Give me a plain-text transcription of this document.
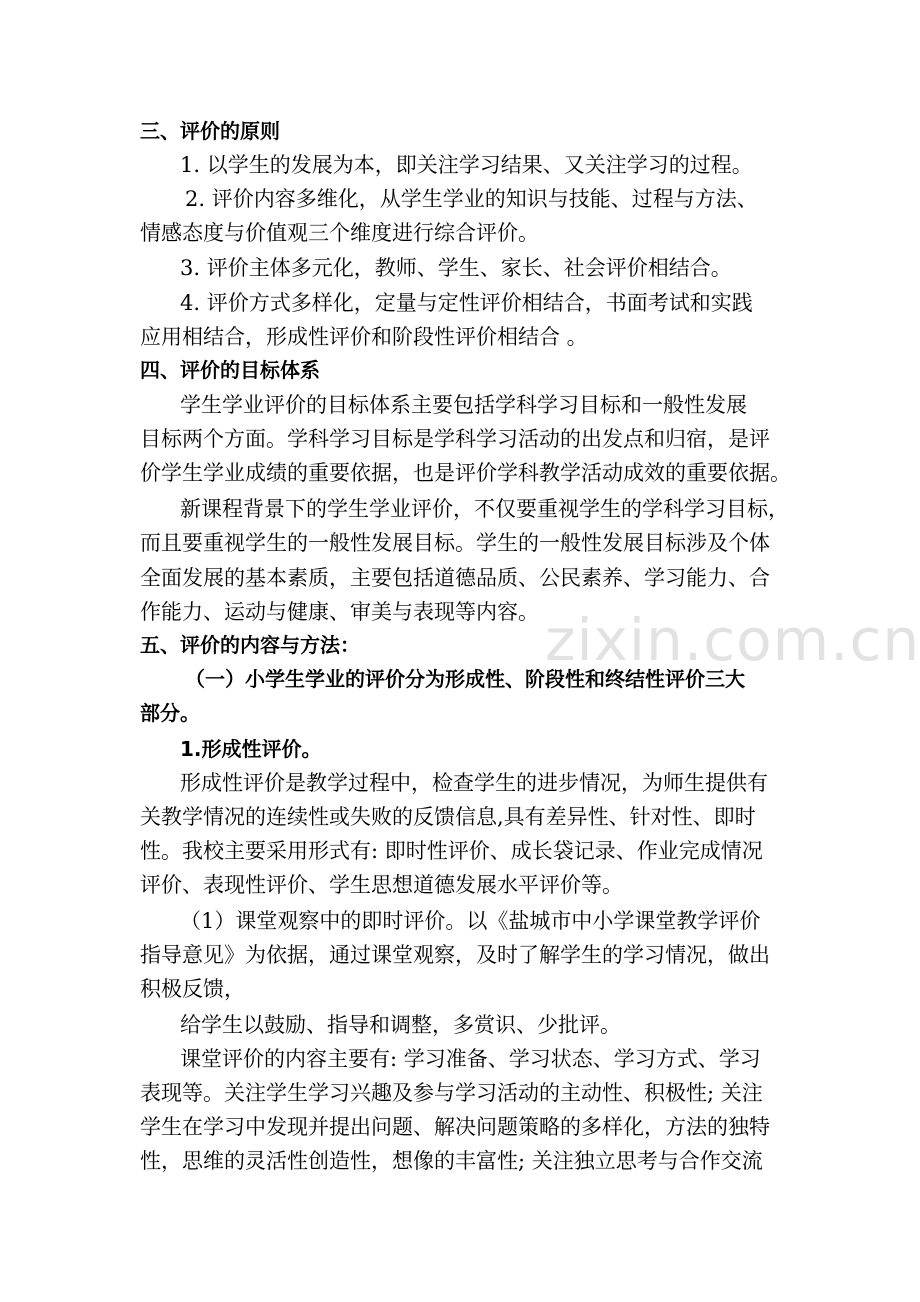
三、评价的原则
1. 以学生的发展为本，即关注学习结果、又关注学习的过程。
2. 评价内容多维化，从学生学业的知识与技能、过程与方法、
情感态度与价值观三个维度进行综合评价。
3. 评价主体多元化，教师、学生、家长、社会评价相结合。
4. 评价方式多样化，定量与定性评价相结合，书面考试和实践
应用相结合，形成性评价和阶段性评价相结合 。
四、评价的目标体系
学生学业评价的目标体系主要包括学科学习目标和一般性发展
目标两个方面。学科学习目标是学科学习活动的出发点和归宿，是评
价学生学业成绩的重要依据，也是评价学科教学活动成效的重要依据。
新课程背景下的学生学业评价，不仅要重视学生的学科学习目标，
而且要重视学生的一般性发展目标。学生的一般性发展目标涉及个体
全面发展的基本素质，主要包括道德品质、公民素养、学习能力、合
作能力、运动与健康、审美与表现等内容。
五、评价的内容与方法：
（一）小学生学业的评价分为形成性、阶段性和终结性评价三大
部分。
1.形成性评价。
形成性评价是教学过程中，检查学生的进步情况，为师生提供有
关教学情况的连续性或失败的反馈信息,具有差异性、针对性、即时
性。我校主要采用形式有: 即时性评价、成长袋记录、作业完成情况
评价、表现性评价、学生思想道德发展水平评价等。
（1）课堂观察中的即时评价。以《盐城市中小学课堂教学评价
指导意见》为依据，通过课堂观察，及时了解学生的学习情况，做出
积极反馈，
给学生以鼓励、指导和调整，多赏识、少批评。
课堂评价的内容主要有: 学习准备、学习状态、学习方式、学习
表现等。关注学生学习兴趣及参与学习活动的主动性、积极性; 关注
学生在学习中发现并提出问题、解决问题策略的多样化，方法的独特
性，思维的灵活性创造性，想像的丰富性; 关注独立思考与合作交流
zixin.com.cn
